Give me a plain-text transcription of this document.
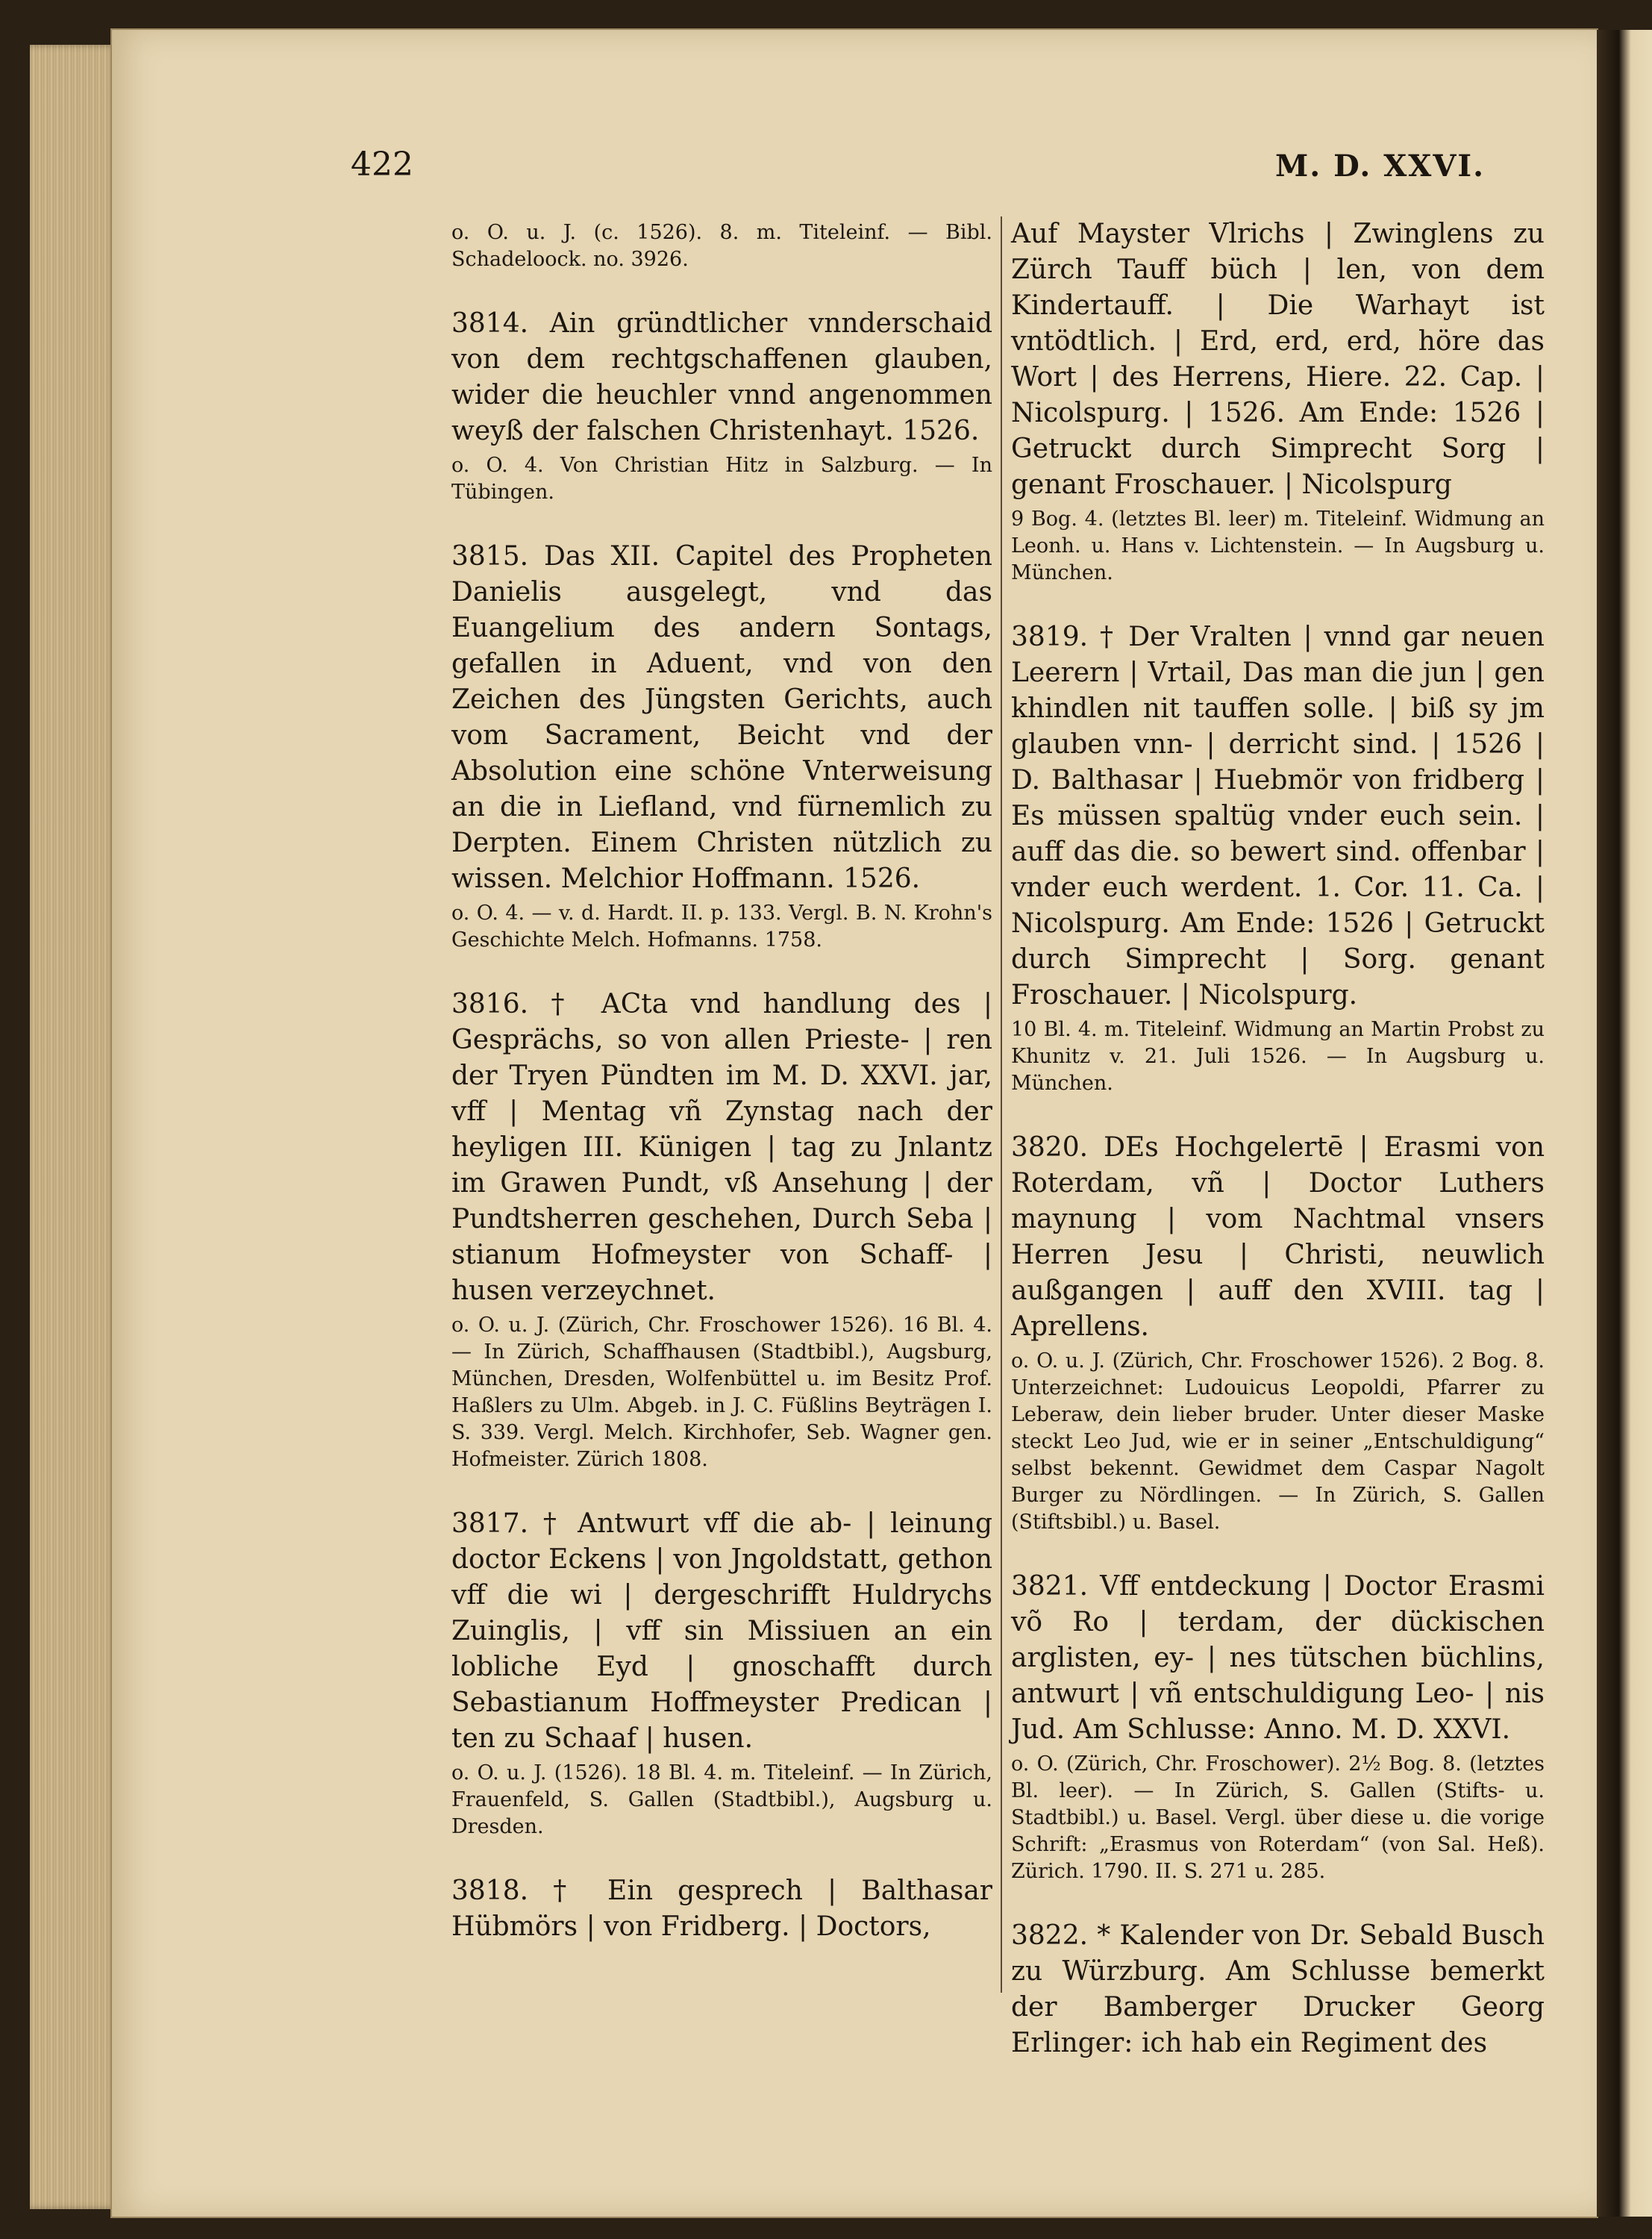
422	M. D. XXVI.

o. O. u. J. (c. 1526). 8. m. Titeleinf. — Bibl. Schadeloock. no. 3926.

3814. Ain gründtlicher vnnderschaid von dem rechtgschaffenen glauben, wider die heuchler vnnd angenommen weyß der falschen Christenhayt. 1526.

o. O. 4. Von Christian Hitz in Salzburg. — In Tübingen.

3815. Das XII. Capitel des Propheten Danielis ausgelegt, vnd das Euangelium des andern Sontags, gefallen in Aduent, vnd von den Zeichen des Jüngsten Gerichts, auch vom Sacrament, Beicht vnd der Absolution eine schöne Vnterweisung an die in Liefland, vnd fürnemlich zu Derpten. Einem Christen nützlich zu wissen. Melchior Hoffmann. 1526.

o. O. 4. — v. d. Hardt. II. p. 133. Vergl. B. N. Krohn's Geschichte Melch. Hofmanns. 1758.

3816. † ACta vnd handlung des | Gesprächs, so von allen Prieste- | ren der Tryen Pündten im M. D. XXVI. jar, vff | Mentag vñ Zynstag nach der heyligen III. Künigen | tag zu Jnlantz im Grawen Pundt, vß Ansehung | der Pundtsherren geschehen, Durch Seba | stianum Hofmeyster von Schaff- | husen verzeychnet.

o. O. u. J. (Zürich, Chr. Froschower 1526). 16 Bl. 4. — In Zürich, Schaffhausen (Stadtbibl.), Augsburg, München, Dresden, Wolfenbüttel u. im Besitz Prof. Haßlers zu Ulm. Abgeb. in J. C. Füßlins Beyträgen I. S. 339. Vergl. Melch. Kirchhofer, Seb. Wagner gen. Hofmeister. Zürich 1808.

3817. † Antwurt vff die ab- | leinung doctor Eckens | von Jngoldstatt, gethon vff die wi | dergeschrifft Huldrychs Zuinglis, | vff sin Missiuen an ein lobliche Eyd | gnoschafft durch Sebastianum Hoffmeyster Predican | ten zu Schaaf | husen.

o. O. u. J. (1526). 18 Bl. 4. m. Titeleinf. — In Zürich, Frauenfeld, S. Gallen (Stadtbibl.), Augsburg u. Dresden.

3818. † Ein gesprech | Balthasar Hübmörs | von Fridberg. | Doctors,

Auf Mayster Vlrichs | Zwinglens zu Zürch Tauff büch | len, von dem Kindertauff. | Die Warhayt ist vntödtlich. | Erd, erd, erd, höre das Wort | des Herrens, Hiere. 22. Cap. | Nicolspurg. | 1526. Am Ende: 1526 | Getruckt durch Simprecht Sorg | genant Froschauer. | Nicolspurg

9 Bog. 4. (letztes Bl. leer) m. Titeleinf. Widmung an Leonh. u. Hans v. Lichtenstein. — In Augsburg u. München.

3819. † Der Vralten | vnnd gar neuen Leerern | Vrtail, Das man die jun | gen khindlen nit tauffen solle. | biß sy jm glauben vnn- | derricht sind. | 1526 | D. Balthasar | Huebmör von fridberg | Es müssen spaltüg vnder euch sein. | auff das die. so bewert sind. offenbar | vnder euch werdent. 1. Cor. 11. Ca. | Nicolspurg. Am Ende: 1526 | Getruckt durch Simprecht | Sorg. genant Froschauer. | Nicolspurg.

10 Bl. 4. m. Titeleinf. Widmung an Martin Probst zu Khunitz v. 21. Juli 1526. — In Augsburg u. München.

3820. DEs Hochgelertē | Erasmi von Roterdam, vñ | Doctor Luthers maynung | vom Nachtmal vnsers Herren Jesu | Christi, neuwlich außgangen | auff den XVIII. tag | Aprellens.

o. O. u. J. (Zürich, Chr. Froschower 1526). 2 Bog. 8. Unterzeichnet: Ludouicus Leopoldi, Pfarrer zu Leberaw, dein lieber bruder. Unter dieser Maske steckt Leo Jud, wie er in seiner „Entschuldigung“ selbst bekennt. Gewidmet dem Caspar Nagolt Burger zu Nördlingen. — In Zürich, S. Gallen (Stiftsbibl.) u. Basel.

3821. Vff entdeckung | Doctor Erasmi võ Ro | terdam, der dückischen arglisten, ey- | nes tütschen büchlins, antwurt | vñ entschuldigung Leo- | nis Jud. Am Schlusse: Anno. M. D. XXVI.

o. O. (Zürich, Chr. Froschower). 2½ Bog. 8. (letztes Bl. leer). — In Zürich, S. Gallen (Stifts- u. Stadtbibl.) u. Basel. Vergl. über diese u. die vorige Schrift: „Erasmus von Roterdam“ (von Sal. Heß). Zürich. 1790. II. S. 271 u. 285.

3822. * Kalender von Dr. Sebald Busch zu Würzburg. Am Schlusse bemerkt der Bamberger Drucker Georg Erlinger: ich hab ein Regiment des
